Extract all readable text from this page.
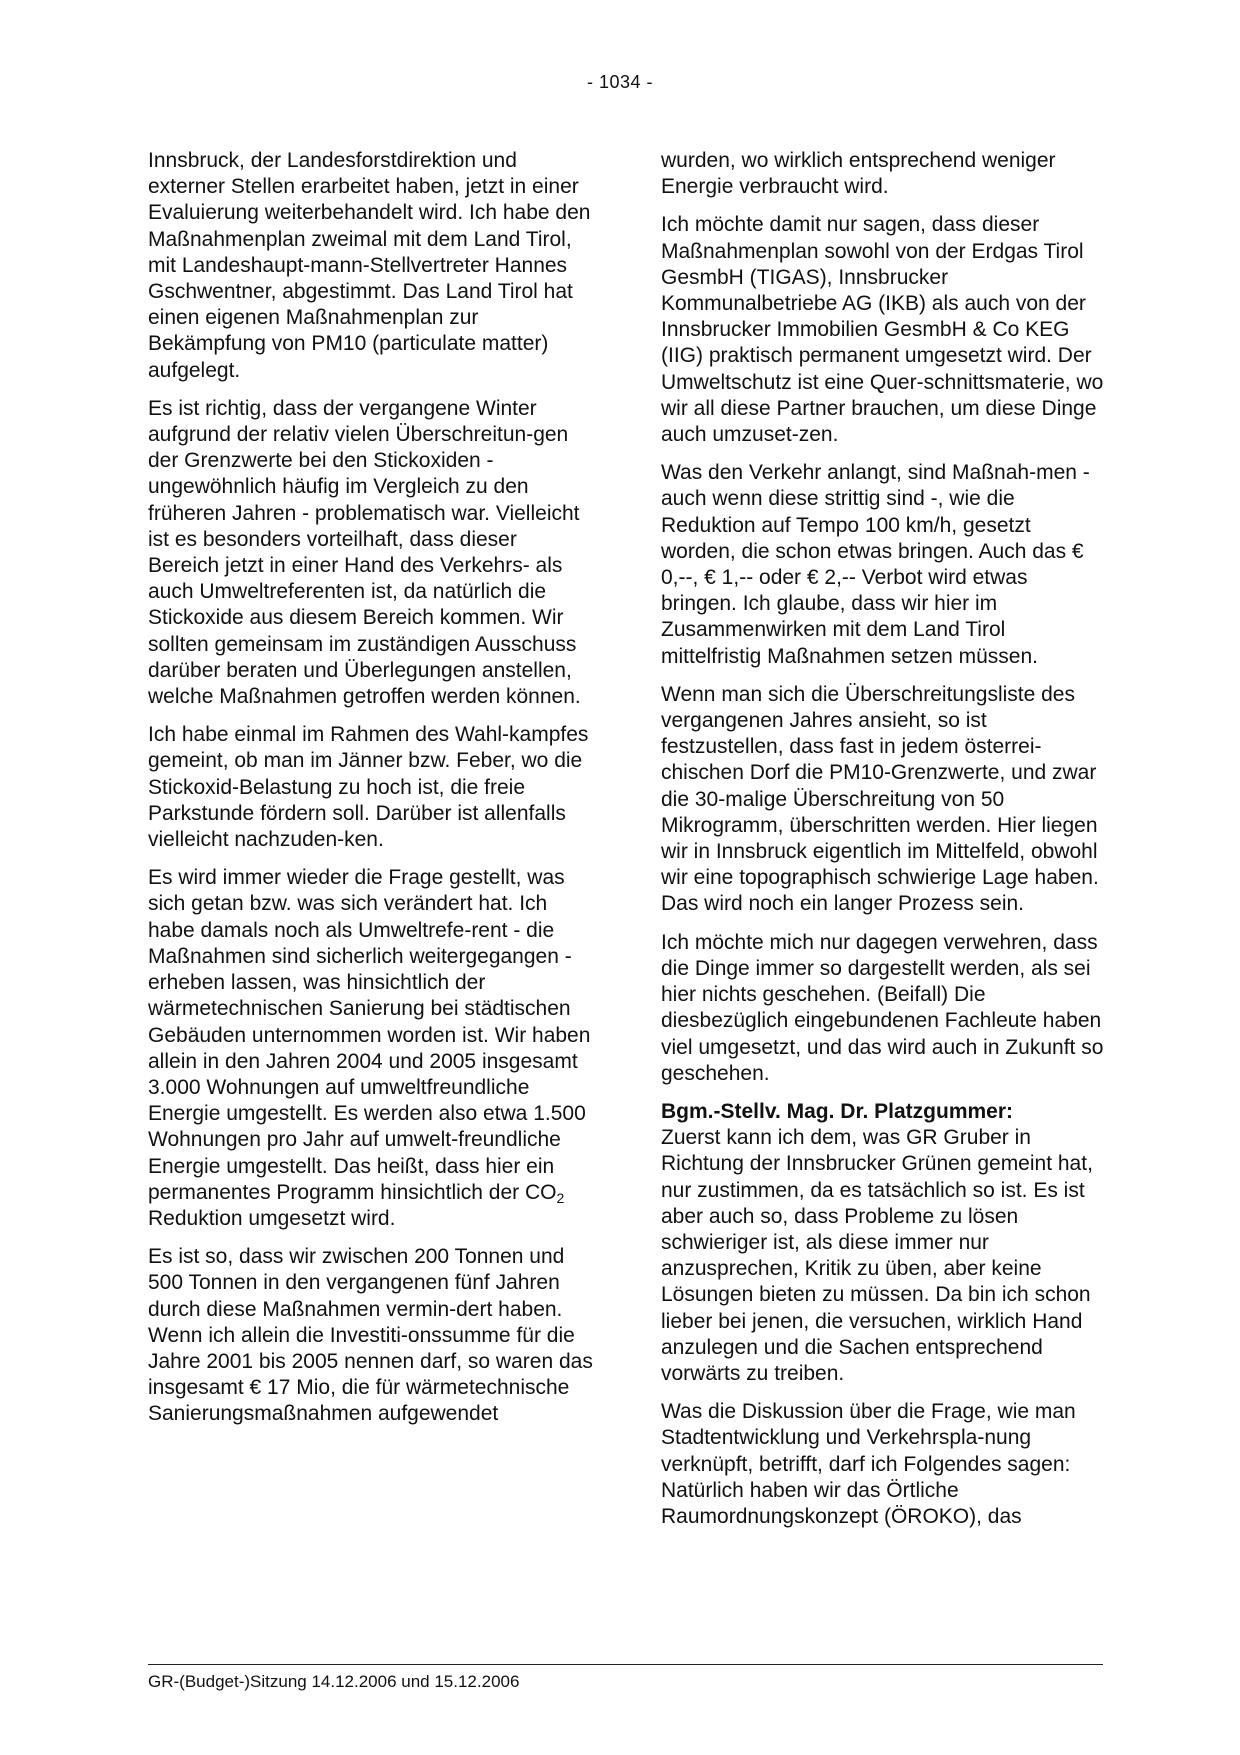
- 1034 -

Innsbruck, der Landesforstdirektion und externer Stellen erarbeitet haben, jetzt in einer Evaluierung weiterbehandelt wird. Ich habe den Maßnahmenplan zweimal mit dem Land Tirol, mit Landeshaupt-mann-Stellvertreter Hannes Gschwentner, abgestimmt. Das Land Tirol hat einen eigenen Maßnahmenplan zur Bekämpfung von PM10 (particulate matter) aufgelegt.

Es ist richtig, dass der vergangene Winter aufgrund der relativ vielen Überschreitun-gen der Grenzwerte bei den Stickoxiden - ungewöhnlich häufig im Vergleich zu den früheren Jahren - problematisch war. Vielleicht ist es besonders vorteilhaft, dass dieser Bereich jetzt in einer Hand des Verkehrs- als auch Umweltreferenten ist, da natürlich die Stickoxide aus diesem Bereich kommen. Wir sollten gemeinsam im zuständigen Ausschuss darüber beraten und Überlegungen anstellen, welche Maßnahmen getroffen werden können.

Ich habe einmal im Rahmen des Wahl-kampfes gemeint, ob man im Jänner bzw. Feber, wo die Stickoxid-Belastung zu hoch ist, die freie Parkstunde fördern soll. Darüber ist allenfalls vielleicht nachzuden-ken.

Es wird immer wieder die Frage gestellt, was sich getan bzw. was sich verändert hat. Ich habe damals noch als Umweltrefe-rent - die Maßnahmen sind sicherlich weitergegangen - erheben lassen, was hinsichtlich der wärmetechnischen Sanierung bei städtischen Gebäuden unternommen worden ist. Wir haben allein in den Jahren 2004 und 2005 insgesamt 3.000 Wohnungen auf umweltfreundliche Energie umgestellt. Es werden also etwa 1.500 Wohnungen pro Jahr auf umwelt-freundliche Energie umgestellt. Das heißt, dass hier ein permanentes Programm hinsichtlich der $CO_2$ Reduktion umgesetzt wird.

Es ist so, dass wir zwischen 200 Tonnen und 500 Tonnen in den vergangenen fünf Jahren durch diese Maßnahmen vermin-dert haben. Wenn ich allein die Investiti-onssumme für die Jahre 2001 bis 2005 nennen darf, so waren das insgesamt € 17 Mio, die für wärmetechnische Sanierungsmaßnahmen aufgewendet

wurden, wo wirklich entsprechend weniger Energie verbraucht wird.

Ich möchte damit nur sagen, dass dieser Maßnahmenplan sowohl von der Erdgas Tirol GesmbH (TIGAS), Innsbrucker Kommunalbetriebe AG (IKB) als auch von der Innsbrucker Immobilien GesmbH & Co KEG (IIG) praktisch permanent umgesetzt wird. Der Umweltschutz ist eine Quer-schnittsmaterie, wo wir all diese Partner brauchen, um diese Dinge auch umzuset-zen.

Was den Verkehr anlangt, sind Maßnah-men - auch wenn diese strittig sind -, wie die Reduktion auf Tempo 100 km/h, gesetzt worden, die schon etwas bringen. Auch das € 0,--, € 1,-- oder € 2,-- Verbot wird etwas bringen. Ich glaube, dass wir hier im Zusammenwirken mit dem Land Tirol mittelfristig Maßnahmen setzen müssen.

Wenn man sich die Überschreitungsliste des vergangenen Jahres ansieht, so ist festzustellen, dass fast in jedem österrei-chischen Dorf die PM10-Grenzwerte, und zwar die 30-malige Überschreitung von 50 Mikrogramm, überschritten werden. Hier liegen wir in Innsbruck eigentlich im Mittelfeld, obwohl wir eine topographisch schwierige Lage haben. Das wird noch ein langer Prozess sein.

Ich möchte mich nur dagegen verwehren, dass die Dinge immer so dargestellt werden, als sei hier nichts geschehen. (Beifall) Die diesbezüglich eingebundenen Fachleute haben viel umgesetzt, und das wird auch in Zukunft so geschehen.

Bgm.-Stellv. Mag. Dr. Platzgummer:
Zuerst kann ich dem, was GR Gruber in Richtung der Innsbrucker Grünen gemeint hat, nur zustimmen, da es tatsächlich so ist. Es ist aber auch so, dass Probleme zu lösen schwieriger ist, als diese immer nur anzusprechen, Kritik zu üben, aber keine Lösungen bieten zu müssen. Da bin ich schon lieber bei jenen, die versuchen, wirklich Hand anzulegen und die Sachen entsprechend vorwärts zu treiben.

Was die Diskussion über die Frage, wie man Stadtentwicklung und Verkehrspla-nung verknüpft, betrifft, darf ich Folgendes sagen: Natürlich haben wir das Örtliche Raumordnungskonzept (ÖROKO), das

GR-(Budget-)Sitzung 14.12.2006 und 15.12.2006
